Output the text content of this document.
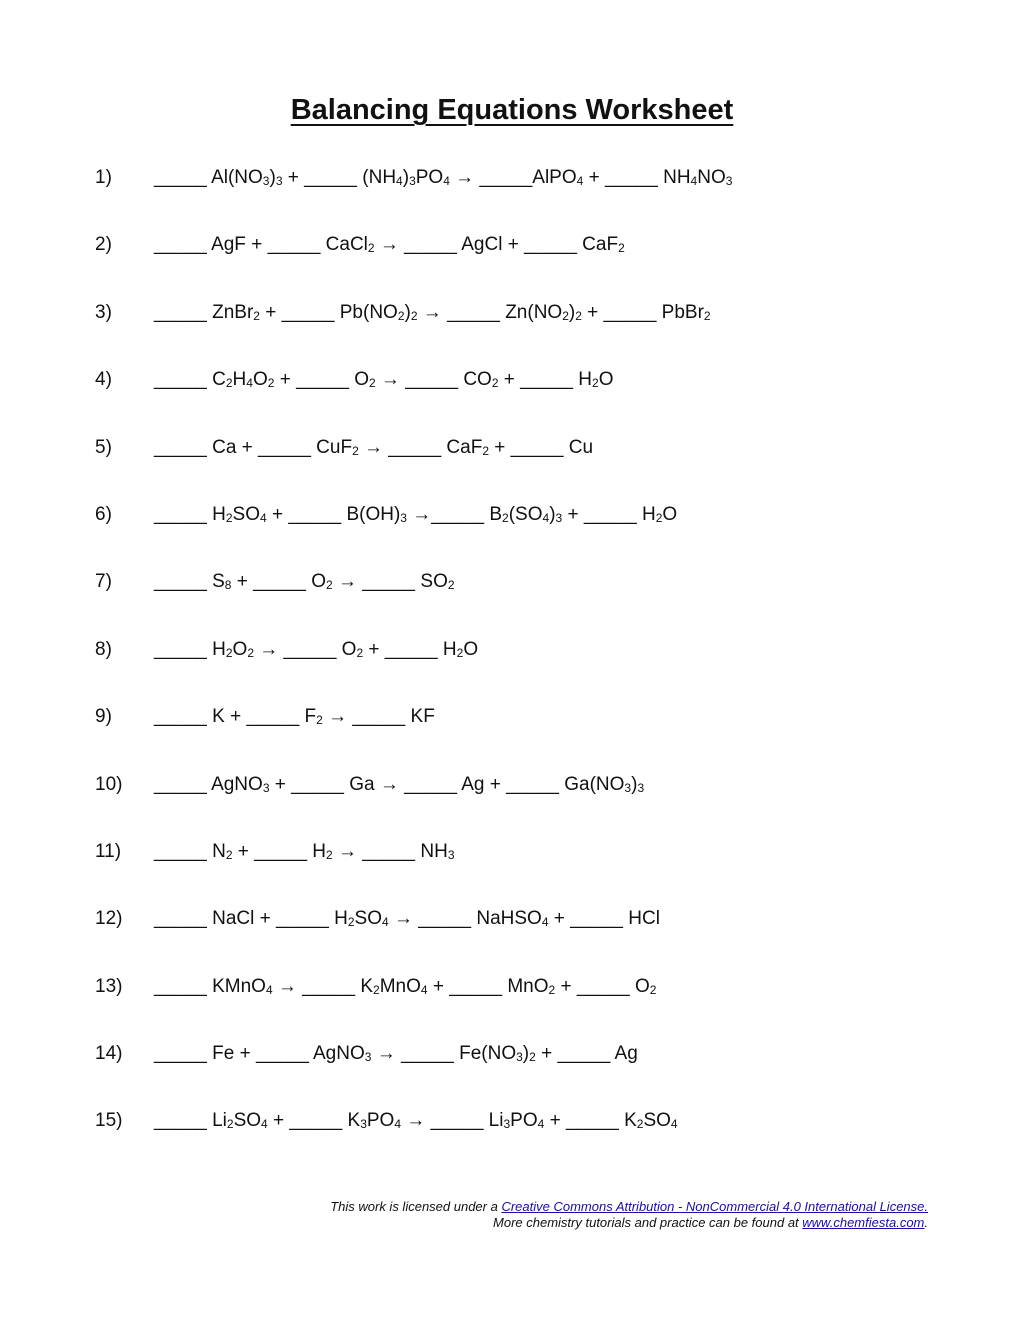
Balancing Equations Worksheet
1) _____ $Al(NO_3)_3$ + _____ $(NH_4)_3PO_4$ → _____AlPO$_4$ + _____ $NH_4NO_3$
2) _____ AgF + _____ CaCl$_2$ → _____ AgCl + _____ CaF$_2$
3) _____ ZnBr$_2$ + _____ $Pb(NO_2)_2$ → _____ $Zn(NO_2)_2$ + _____ PbBr$_2$
4) _____ $C_2H_4O_2$ + _____ $O_2$ → _____ $CO_2$ + _____ $H_2O$
5) _____ Ca + _____ CuF$_2$ → _____ CaF$_2$ + _____ Cu
6) _____ $H_2SO_4$ + _____ $B(OH)_3$ →_____ $B_2(SO_4)_3$ + _____ $H_2O$
7) _____ $S_8$ + _____ $O_2$ → _____ $SO_2$
8) _____ $H_2O_2$ → _____ $O_2$ + _____ $H_2O$
9) _____ K + _____ $F_2$ → _____ KF
10) _____ AgNO$_3$ + _____ Ga → _____ Ag + _____ $Ga(NO_3)_3$
11) _____ $N_2$ + _____ $H_2$ → _____ $NH_3$
12) _____ NaCl + _____ $H_2SO_4$ → _____ NaHSO$_4$ + _____ HCl
13) _____ KMnO$_4$ → _____ $K_2MnO_4$ + _____ MnO$_2$ + _____ $O_2$
14) _____ Fe + _____ AgNO$_3$ → _____ $Fe(NO_3)_2$ + _____ Ag
15) _____ $Li_2SO_4$ + _____ $K_3PO_4$ → _____ $Li_3PO_4$ + _____ $K_2SO_4$
This work is licensed under a Creative Commons Attribution - NonCommercial 4.0 International License.
More chemistry tutorials and practice can be found at www.chemfiesta.com.
